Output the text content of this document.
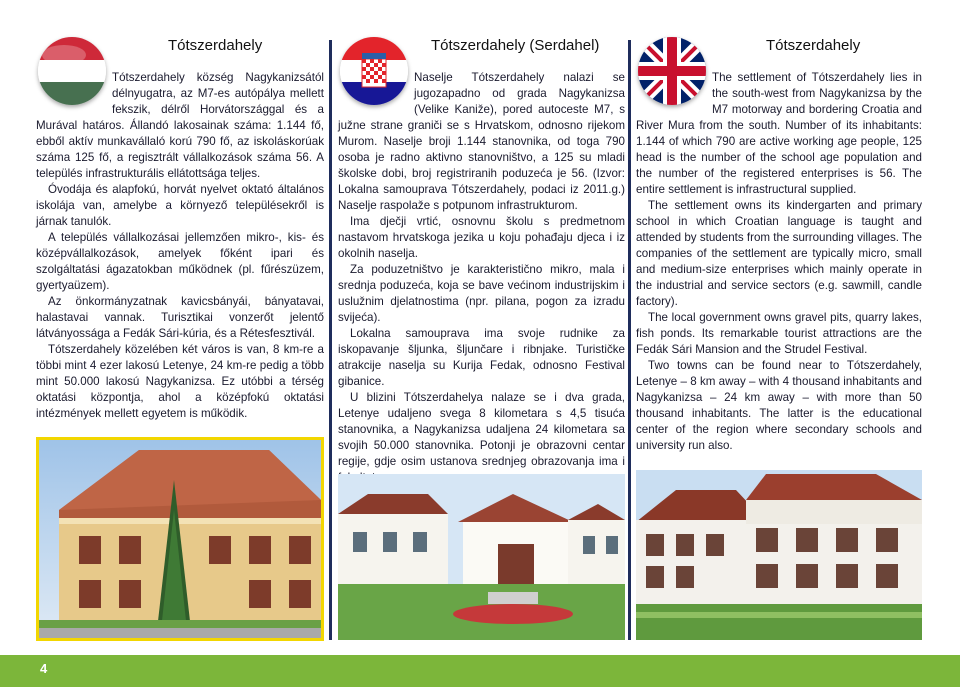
Tótszerdahely

Tótszerdahely község Nagykanizsától délnyugatra, az M7-es autópálya mellett fekszik, délről Horvátországgal és a Murával határos. Állandó lakosainak száma: 1.144 fő, ebből aktív munkavállaló korú 790 fő, az iskoláskorúak száma 125 fő, a regisztrált vállalkozások száma 56. A település infrastrukturális ellátottsága teljes.

Óvodája és alapfokú, horvát nyelvet oktató általános iskolája van, amelybe a környező településekről is járnak tanulók.

A település vállalkozásai jellemzően mikro-, kis- és középvállalkozások, amelyek főként ipari és szolgáltatási ágazatokban működnek (pl. fűrészüzem, gyertyaüzem).

Az önkormányzatnak kavicsbányái, bányatavai, halastavai vannak. Turisztikai vonzerőt jelentő látványossága a Fedák Sári-kúria, és a Rétesfesztivál.

Tótszerdahely közelében két város is van, 8 km-re a többi mint 4 ezer lakosú Letenye, 24 km-re pedig a több mint 50.000 lakosú Nagykanizsa. Ez utóbbi a térség oktatási központja, ahol a középfokú oktatási intézmények mellett egyetem is működik.

Tótszerdahely (Serdahel)

Naselje Tótszerdahely nalazi se jugozapadno od grada Nagykanizsa (Velike Kaniže), pored autoceste M7, s južne strane graniči se s Hrvatskom, odnosno rijekom Murom. Naselje broji 1.144 stanovnika, od toga 790 osoba je radno aktivno stanovništvo, a 125 su mladi školske dobi, broj registriranih poduzeća je 56. (Izvor: Lokalna samouprava Tótszerdahely, podaci iz 2011.g.) Naselje raspolaže s potpunom infrastrukturom.

Ima dječji vrtić, osnovnu školu s predmetnom nastavom hrvatskoga jezika u koju pohađaju djeca i iz okolnih naselja.

Za poduzetništvo je karakteristično mikro, mala i srednja poduzeća, koja se bave većinom industrijskim i uslužnim djelatnostima (npr. pilana, pogon za izradu svijeća).

Lokalna samouprava ima svoje rudnike za iskopavanje šljunka, šljunčare i ribnjake. Turističke atrakcije naselja su Kurija Fedak, odnosno Festival gibanice.

U blizini Tótszerdahelya nalaze se i dva grada, Letenye udaljeno svega 8 kilometara s 4,5 tisuća stanovnika, a Nagykanizsa udaljena 24 kilometara sa svojih 50.000 stanovnika. Potonji je obrazovni centar regije, gdje osim ustanova srednjeg obrazovanja ima i

Tótszerdahely

The settlement of Tótszerdahely lies in the south-west from Nagykanizsa by the M7 motorway and bordering Croatia and River Mura from the south. Number of its inhabitants: 1.144 of which 790 are active working age people, 125 head is the number of the school age population and the number of the registered enterprises is 56. The entire settlement is infrastructural supplied.

The settlement owns its kindergarten and primary school in which Croatian language is taught and attended by students from the surrounding villages. The companies of the settlement are typically micro, small and medium-size enterprises which mainly operate in the industrial and service sectors (e.g. sawmill, candle factory).

The local government owns gravel pits, quarry lakes, fish ponds. Its remarkable tourist attractions are the Fedák Sári Mansion and the Strudel Festival.

Two towns can be found near to Tótszerdahely, Letenye – 8 km away – with 4 thousand inhabitants and Nagykanizsa – 24 km away – with more than 50 thousand inhabitants. The latter is the educational center of the region where secondary schools and university run also.

4
